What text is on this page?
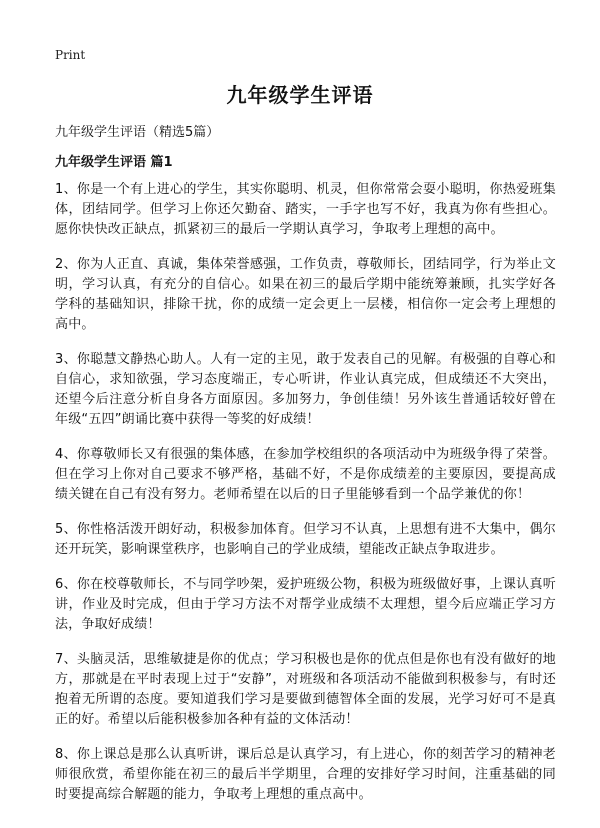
Print
九年级学生评语

九年级学生评语（精选5篇）

九年级学生评语 篇1

1、你是一个有上进心的学生，其实你聪明、机灵，但你常常会耍小聪明，你热爱班集体，团结同学。但学习上你还欠勤奋、踏实，一手字也写不好，我真为你有些担心。愿你快快改正缺点，抓紧初三的最后一学期认真学习，争取考上理想的高中。

2、你为人正直、真诚，集体荣誉感强，工作负责，尊敬师长，团结同学，行为举止文明，学习认真，有充分的自信心。如果在初三的最后学期中能统筹兼顾，扎实学好各学科的基础知识，排除干扰，你的成绩一定会更上一层楼，相信你一定会考上理想的高中。

3、你聪慧文静热心助人。人有一定的主见，敢于发表自己的见解。有极强的自尊心和自信心，求知欲强，学习态度端正，专心听讲，作业认真完成，但成绩还不大突出，还望今后注意分析自身各方面原因。多加努力，争创佳绩！另外该生普通话较好曾在年级“五四”朗诵比赛中获得一等奖的好成绩！

4、你尊敬师长又有很强的集体感，在参加学校组织的各项活动中为班级争得了荣誉。但在学习上你对自己要求不够严格，基础不好，不是你成绩差的主要原因，要提高成绩关键在自己有没有努力。老师希望在以后的日子里能够看到一个品学兼优的你！

5、你性格活泼开朗好动，积极参加体育。但学习不认真，上思想有进不大集中，偶尔还开玩笑，影响课堂秩序，也影响自己的学业成绩，望能改正缺点争取进步。

6、你在校尊敬师长，不与同学吵架，爱护班级公物，积极为班级做好事，上课认真听讲，作业及时完成，但由于学习方法不对帮学业成绩不太理想，望今后应端正学习方法，争取好成绩！

7、头脑灵活，思维敏捷是你的优点；学习积极也是你的优点但是你也有没有做好的地方，那就是在平时表现上过于“安静”，对班级和各项活动不能做到积极参与，有时还抱着无所谓的态度。要知道我们学习是要做到德智体全面的发展，光学习好可不是真正的好。希望以后能积极参加各种有益的文体活动！

8、你上课总是那么认真听讲，课后总是认真学习，有上进心，你的刻苦学习的精神老师很欣赏，希望你能在初三的最后半学期里，合理的安排好学习时间，注重基础的同时要提高综合解题的能力，争取考上理想的重点高中。
